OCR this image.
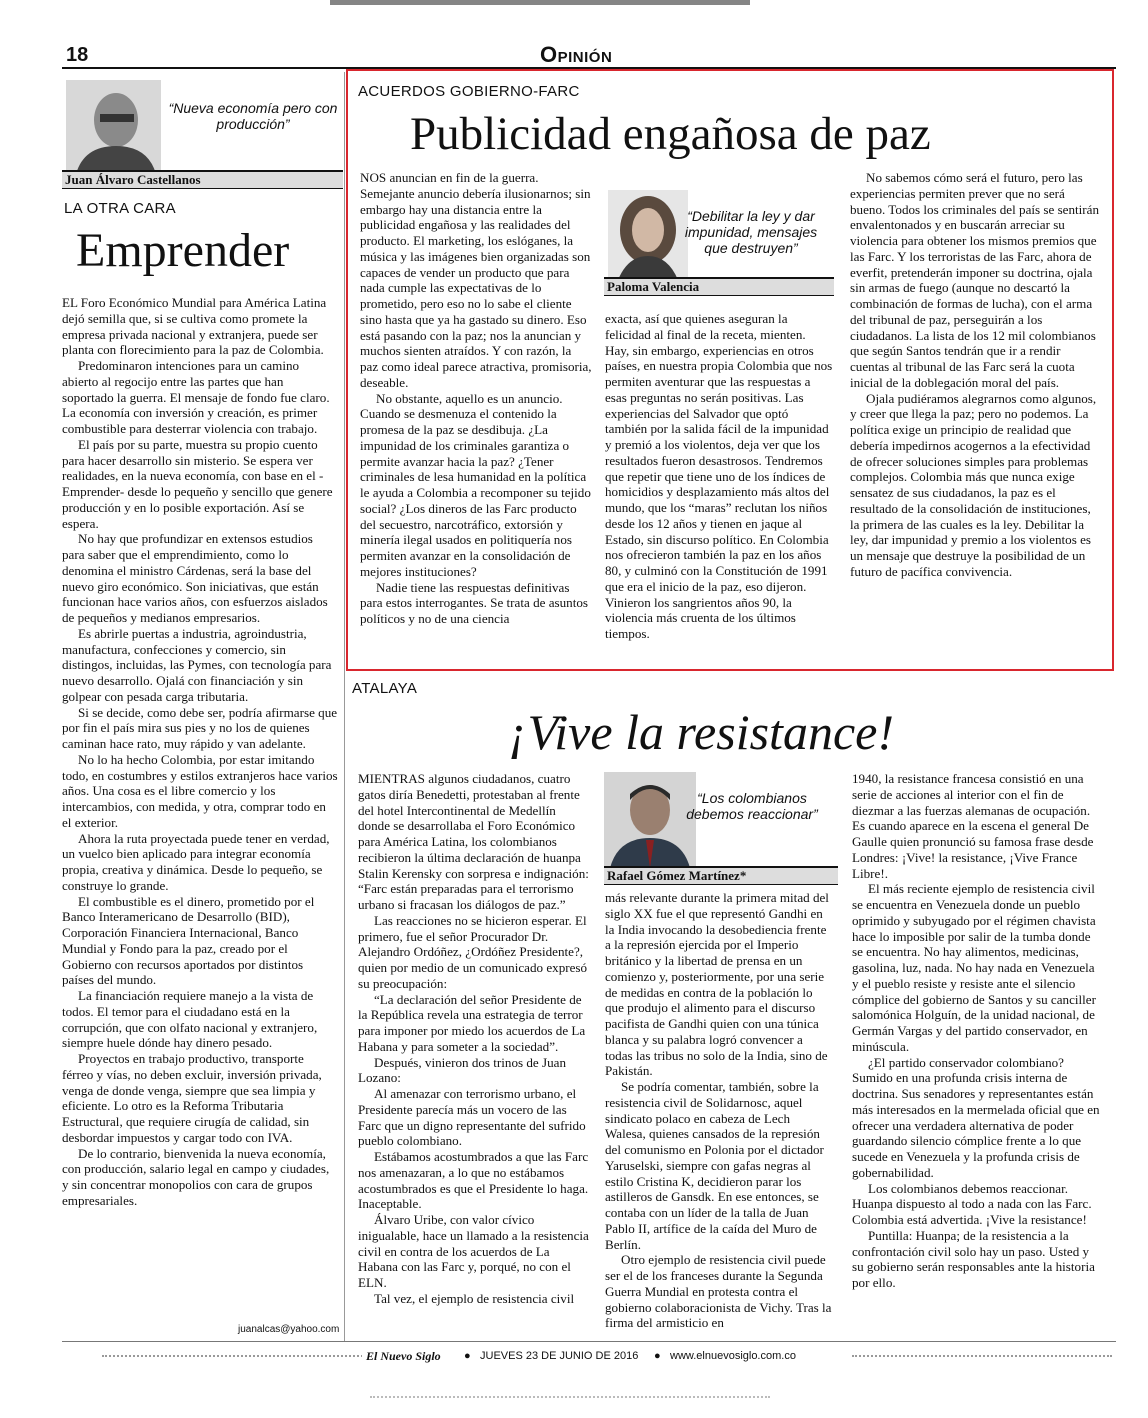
18	Opinión
“Nueva economía pero con producción”
Juan Álvaro Castellanos
LA OTRA CARA
Emprender

EL Foro Económico Mundial para América Latina dejó semilla que, si se cultiva como promete la empresa privada nacional y extranjera, puede ser planta con florecimiento para la paz de Colombia.

Predominaron intenciones para un camino abierto al regocijo entre las partes que han soportado la guerra. El mensaje de fondo fue claro. La economía con inversión y creación, es primer combustible para desterrar violencia con trabajo.

El país por su parte, muestra su propio cuento para hacer desarrollo sin misterio. Se espera ver realidades, en la nueva economía, con base en el - Emprender- desde lo pequeño y sencillo que genere producción y en lo posible exportación. Así se espera.

No hay que profundizar en extensos estudios para saber que el emprendimiento, como lo denomina el ministro Cárdenas, será la base del nuevo giro económico. Son iniciativas, que están funcionan hace varios años, con esfuerzos aislados de pequeños y medianos empresarios.

Es abrirle puertas a industria, agroindustria, manufactura, confecciones y comercio, sin distingos, incluidas, las Pymes, con tecnología para nuevo desarrollo. Ojalá con financiación y sin golpear con pesada carga tributaria.

Si se decide, como debe ser, podría afirmarse que por fin el país mira sus pies y no los de quienes caminan hace rato, muy rápido y van adelante.

No lo ha hecho Colombia, por estar imitando todo, en costumbres y estilos extranjeros hace varios años. Una cosa es el libre comercio y los intercambios, con medida, y otra, comprar todo en el exterior.

Ahora la ruta proyectada puede tener en verdad, un vuelco bien aplicado para integrar economía propia, creativa y dinámica. Desde lo pequeño, se construye lo grande.

El combustible es el dinero, prometido por el Banco Interamericano de Desarrollo (BID), Corporación Financiera Internacional, Banco Mundial y Fondo para la paz, creado por el Gobierno con recursos aportados por distintos países del mundo.

La financiación requiere manejo a la vista de todos. El temor para el ciudadano está en la corrupción, que con olfato nacional y extranjero, siempre huele dónde hay dinero pesado.

Proyectos en trabajo productivo, transporte férreo y vías, no deben excluir, inversión privada, venga de donde venga, siempre que sea limpia y eficiente. Lo otro es la Reforma Tributaria Estructural, que requiere cirugía de calidad, sin desbordar impuestos y cargar todo con IVA.

De lo contrario, bienvenida la nueva economía, con producción, salario legal en campo y ciudades, y sin concentrar monopolios con cara de grupos empresariales.

juanalcas@yahoo.com
ACUERDOS GOBIERNO-FARC
Publicidad engañosa de paz

NOS anuncian en fin de la guerra. Semejante anuncio debería ilusionarnos; sin embargo hay una distancia entre la publicidad engañosa y las realidades del producto. El marketing, los eslóganes, la música y las imágenes bien organizadas son capaces de vender un producto que para nada cumple las expectativas de lo prometido, pero eso no lo sabe el cliente sino hasta que ya ha gastado su dinero. Eso está pasando con la paz; nos la anuncian y muchos sienten atraídos. Y con razón, la paz como ideal parece atractiva, promisoria, deseable.

No obstante, aquello es un anuncio. Cuando se desmenuza el contenido la promesa de la paz se desdibuja. ¿La impunidad de los criminales garantiza o permite avanzar hacia la paz? ¿Tener criminales de lesa humanidad en la política le ayuda a Colombia a recomponer su tejido social? ¿Los dineros de las Farc producto del secuestro, narcotráfico, extorsión y minería ilegal usados en politiquería nos permiten avanzar en la consolidación de mejores instituciones?

Nadie tiene las respuestas definitivas para estos interrogantes. Se trata de asuntos políticos y no de una ciencia

“Debilitar la ley y dar impunidad, mensajes que destruyen”
Paloma Valencia

exacta, así que quienes aseguran la felicidad al final de la receta, mienten. Hay, sin embargo, experiencias en otros países, en nuestra propia Colombia que nos permiten aventurar que las respuestas a esas preguntas no serán positivas. Las experiencias del Salvador que optó también por la salida fácil de la impunidad y premió a los violentos, deja ver que los resultados fueron desastrosos. Tendremos que repetir que tiene uno de los índices de homicidios y desplazamiento más altos del mundo, que los “maras” reclutan los niños desde los 12 años y tienen en jaque al Estado, sin discurso político. En Colombia nos ofrecieron también la paz en los años 80, y culminó con la Constitución de 1991 que era el inicio de la paz, eso dijeron. Vinieron los sangrientos años 90, la violencia más cruenta de los últimos tiempos.

No sabemos cómo será el futuro, pero las experiencias permiten prever que no será bueno. Todos los criminales del país se sentirán envalentonados y en buscarán arreciar su violencia para obtener los mismos premios que las Farc. Y los terroristas de las Farc, ahora de everfit, pretenderán imponer su doctrina, ojala sin armas de fuego (aunque no descartó la combinación de formas de lucha), con el arma del tribunal de paz, perseguirán a los ciudadanos. La lista de los 12 mil colombianos que según Santos tendrán que ir a rendir cuentas al tribunal de las Farc será la cuota inicial de la doblegación moral del país.

Ojala pudiéramos alegrarnos como algunos, y creer que llega la paz; pero no podemos. La política exige un principio de realidad que debería impedirnos acogernos a la efectividad de ofrecer soluciones simples para problemas complejos. Colombia más que nunca exige sensatez de sus ciudadanos, la paz es el resultado de la consolidación de instituciones, la primera de las cuales es la ley. Debilitar la ley, dar impunidad y premio a los violentos es un mensaje que destruye la posibilidad de un futuro de pacífica convivencia.

ATALAYA
¡Vive la resistance!

MIENTRAS algunos ciudadanos, cuatro gatos diría Benedetti, protestaban al frente del hotel Intercontinental de Medellín donde se desarrollaba el Foro Económico para América Latina, los colombianos recibieron la última declaración de huanpa Stalin Kerensky con sorpresa e indignación: “Farc están preparadas para el terrorismo urbano si fracasan los diálogos de paz.”

Las reacciones no se hicieron esperar. El primero, fue el señor Procurador Dr. Alejandro Ordóñez, ¿Ordóñez Presidente?, quien por medio de un comunicado expresó su preocupación:

“La declaración del señor Presidente de la República revela una estrategia de terror para imponer por miedo los acuerdos de La Habana y para someter a la sociedad”.

Después, vinieron dos trinos de Juan Lozano:

Al amenazar con terrorismo urbano, el Presidente parecía más un vocero de las Farc que un digno representante del sufrido pueblo colombiano.

Estábamos acostumbrados a que las Farc nos amenazaran, a lo que no estábamos acostumbrados es que el Presidente lo haga. Inaceptable.

Álvaro Uribe, con valor cívico inigualable, hace un llamado a la resistencia civil en contra de los acuerdos de La Habana con las Farc y, porqué, no con el ELN.

Tal vez, el ejemplo de resistencia civil

“Los colombianos debemos reaccionar”
Rafael Gómez Martínez*

más relevante durante la primera mitad del siglo XX fue el que representó Gandhi en la India invocando la desobediencia frente a la represión ejercida por el Imperio británico y la libertad de prensa en un comienzo y, posteriormente, por una serie de medidas en contra de la población lo que produjo el alimento para el discurso pacifista de Gandhi quien con una túnica blanca y su palabra logró convencer a todas las tribus no solo de la India, sino de Pakistán.

Se podría comentar, también, sobre la resistencia civil de Solidarnosc, aquel sindicato polaco en cabeza de Lech Walesa, quienes cansados de la represión del comunismo en Polonia por el dictador Yaruselski, siempre con gafas negras al estilo Cristina K, decidieron parar los astilleros de Gansdk. En ese entonces, se contaba con un líder de la talla de Juan Pablo II, artífice de la caída del Muro de Berlín.

Otro ejemplo de resistencia civil puede ser el de los franceses durante la Segunda Guerra Mundial en protesta contra el gobierno colaboracionista de Vichy. Tras la firma del armisticio en

1940, la resistance francesa consistió en una serie de acciones al interior con el fin de diezmar a las fuerzas alemanas de ocupación. Es cuando aparece en la escena el general De Gaulle quien pronunció su famosa frase desde Londres: ¡Vive! la resistance, ¡Vive France Libre!.

El más reciente ejemplo de resistencia civil se encuentra en Venezuela donde un pueblo oprimido y subyugado por el régimen chavista hace lo imposible por salir de la tumba donde se encuentra. No hay alimentos, medicinas, gasolina, luz, nada. No hay nada en Venezuela y el pueblo resiste y resiste ante el silencio cómplice del gobierno de Santos y su canciller salomónica Holguín, de la unidad nacional, de Germán Vargas y del partido conservador, en minúscula.

¿El partido conservador colombiano? Sumido en una profunda crisis interna de doctrina. Sus senadores y representantes están más interesados en la mermelada oficial que en ofrecer una verdadera alternativa de poder guardando silencio cómplice frente a lo que sucede en Venezuela y la profunda crisis de gobernabilidad.

Los colombianos debemos reaccionar. Huanpa dispuesto al todo a nada con las Farc. Colombia está advertida. ¡Vive la resistance!

Puntilla: Huanpa; de la resistencia a la confrontación civil solo hay un paso. Usted y su gobierno serán responsables ante la historia por ello.

El Nuevo Siglo	● JUEVES 23 DE JUNIO DE 2016 ● www.elnuevosiglo.com.co
